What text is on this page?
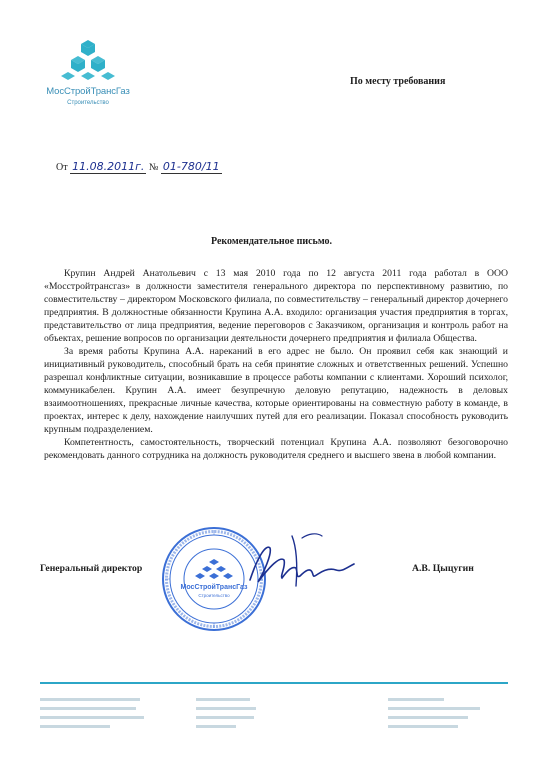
МосСтройТрансГаз
Строительство
По месту требования
От 11.08.2011г. № 01-780/11
Рекомендательное письмо.

Крупин Андрей Анатольевич с 13 мая 2010 года по 12 августа 2011 года работал в ООО «Мосстройтрансгаз» в должности заместителя генерального директора по перспективному развитию, по совместительству – директором Московского филиала, по совместительству – генеральный директор дочернего предприятия. В должностные обязанности Крупина А.А. входило: организация участия предприятия в торгах, представительство от лица предприятия, ведение переговоров с Заказчиком, организация и контроль работ на объектах, решение вопросов по организации деятельности дочернего предприятия и филиала Общества.

За время работы Крупина А.А. нареканий в его адрес не было. Он проявил себя как знающий и инициативный руководитель, способный брать на себя принятие сложных и ответственных решений. Успешно разрешал конфликтные ситуации, возникавшие в процессе работы компании с клиентами. Хороший психолог, коммуникабелен. Крупин А.А. имеет безупречную деловую репутацию, надежность в деловых взаимоотношениях, прекрасные личные качества, которые ориентированы на совместную работу в команде, в проектах, интерес к делу, нахождение наилучших путей для его реализации. Показал способность руководить крупным подразделением.

Компетентность, самостоятельность, творческий потенциал Крупина А.А. позволяют безоговорочно рекомендовать данного сотрудника на должность руководителя среднего и высшего звена в любой компании.

Генеральный директор
МосСтройТрансГаз
Строительство
А.В. Цыцугин
